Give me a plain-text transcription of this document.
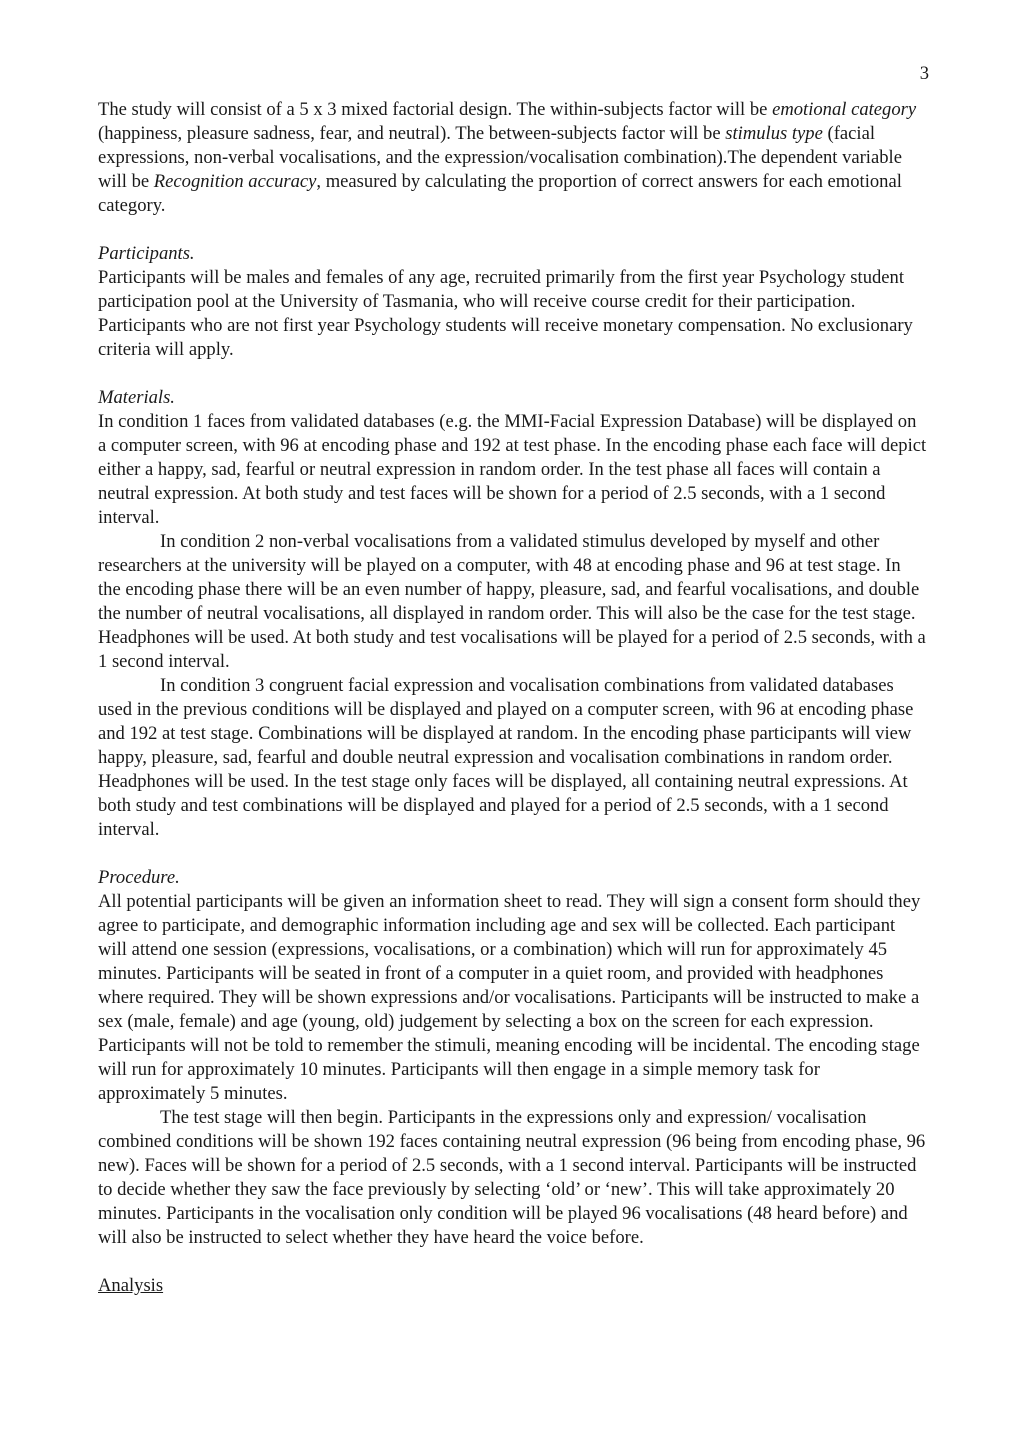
3

The study will consist of a 5 x 3 mixed factorial design. The within-subjects factor will be emotional category (happiness, pleasure sadness, fear, and neutral). The between-subjects factor will be stimulus type (facial expressions, non-verbal vocalisations, and the expression/vocalisation combination).The dependent variable will be Recognition accuracy, measured by calculating the proportion of correct answers for each emotional category.

Participants.

Participants will be males and females of any age, recruited primarily from the first year Psychology student participation pool at the University of Tasmania, who will receive course credit for their participation. Participants who are not first year Psychology students will receive monetary compensation. No exclusionary criteria will apply.

Materials.

In condition 1 faces from validated databases (e.g. the MMI-Facial Expression Database) will be displayed on a computer screen, with 96 at encoding phase and 192 at test phase. In the encoding phase each face will depict either a happy, sad, fearful or neutral expression in random order. In the test phase all faces will contain a neutral expression. At both study and test faces will be shown for a period of 2.5 seconds, with a 1 second interval.

In condition 2 non-verbal vocalisations from a validated stimulus developed by myself and other researchers at the university will be played on a computer, with 48 at encoding phase and 96 at test stage. In the encoding phase there will be an even number of happy, pleasure, sad, and fearful vocalisations, and double the number of neutral vocalisations, all displayed in random order. This will also be the case for the test stage. Headphones will be used. At both study and test vocalisations will be played for a period of 2.5 seconds, with a 1 second interval.

In condition 3 congruent facial expression and vocalisation combinations from validated databases used in the previous conditions will be displayed and played on a computer screen, with 96 at encoding phase and 192 at test stage. Combinations will be displayed at random. In the encoding phase participants will view happy, pleasure, sad, fearful and double neutral expression and vocalisation combinations in random order. Headphones will be used. In the test stage only faces will be displayed, all containing neutral expressions. At both study and test combinations will be displayed and played for a period of 2.5 seconds, with a 1 second interval.

Procedure.

All potential participants will be given an information sheet to read. They will sign a consent form should they agree to participate, and demographic information including age and sex will be collected. Each participant will attend one session (expressions, vocalisations, or a combination) which will run for approximately 45 minutes. Participants will be seated in front of a computer in a quiet room, and provided with headphones where required. They will be shown expressions and/or vocalisations. Participants will be instructed to make a sex (male, female) and age (young, old) judgement by selecting a box on the screen for each expression. Participants will not be told to remember the stimuli, meaning encoding will be incidental. The encoding stage will run for approximately 10 minutes. Participants will then engage in a simple memory task for approximately 5 minutes.

The test stage will then begin. Participants in the expressions only and expression/ vocalisation combined conditions will be shown 192 faces containing neutral expression (96 being from encoding phase, 96 new). Faces will be shown for a period of 2.5 seconds, with a 1 second interval. Participants will be instructed to decide whether they saw the face previously by selecting ‘old’ or ‘new’. This will take approximately 20 minutes. Participants in the vocalisation only condition will be played 96 vocalisations (48 heard before) and will also be instructed to select whether they have heard the voice before.

Analysis
